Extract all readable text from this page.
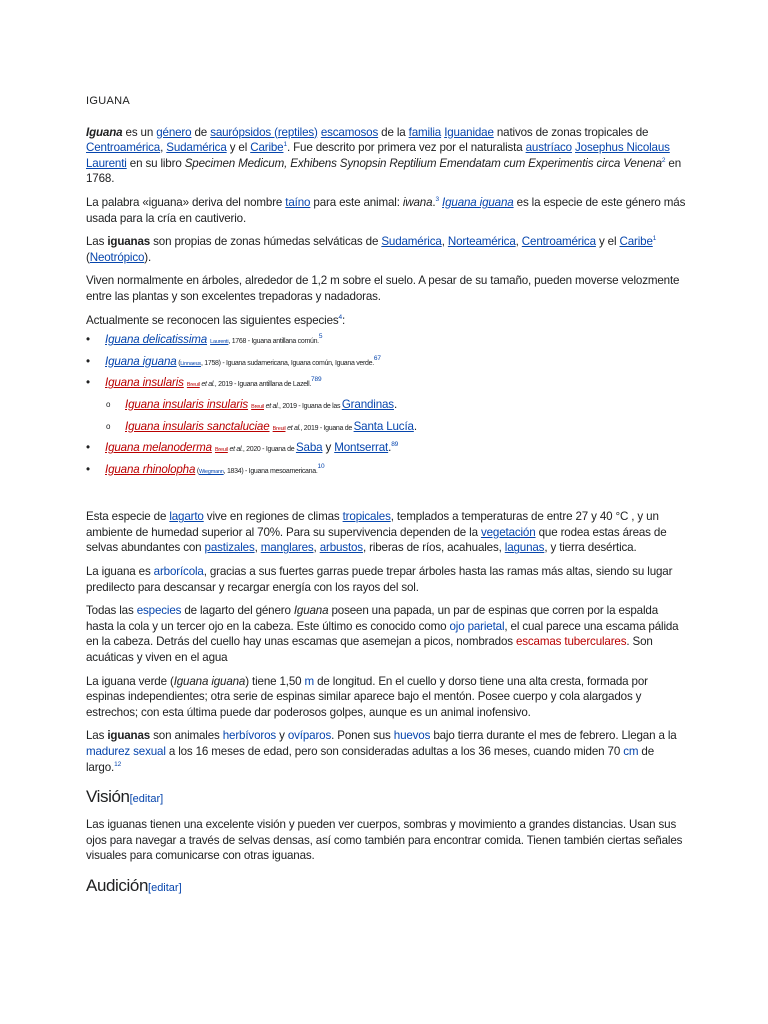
IGUANA

Iguana es un género de saurópsidos (reptiles) escamosos de la familia Iguanidae nativos de zonas tropicales de Centroamérica, Sudamérica y el Caribe$^1$. Fue descrito por primera vez por el naturalista austríaco Josephus Nicolaus Laurenti en su libro Specimen Medicum, Exhibens Synopsin Reptilium Emendatam cum Experimentis circa Venena$^2$ en 1768.

La palabra «iguana» deriva del nombre taíno para este animal: iwana.$^3$ Iguana iguana es la especie de este género más usada para la cría en cautiverio.

Las iguanas son propias de zonas húmedas selváticas de Sudamérica, Norteamérica, Centroamérica y el Caribe$^1$ (Neotrópico).

Viven normalmente en árboles, alrededor de 1,2 m sobre el suelo. A pesar de su tamaño, pueden moverse velozmente entre las plantas y son excelentes trepadoras y nadadoras.

Actualmente se reconocen las siguientes especies$^4$:

• Iguana delicatissima Laurenti, 1768 - Iguana antillana común.$^5$
• Iguana iguana (Linnaeus, 1758) - Iguana sudamericana, Iguana común, Iguana verde.$^{67}$
• Iguana insularis Breuil et al., 2019 - Iguana antillana de Lazell.$^{789}$
o Iguana insularis insularis Breuil et al., 2019 - Iguana de las Grandinas.
o Iguana insularis sanctaluciae Breuil et al., 2019 - Iguana de Santa Lucía.
• Iguana melanoderma Breuil et al., 2020 - Iguana de Saba y Montserrat.$^{89}$
• Iguana rhinolopha (Wiegmann, 1834) - Iguana mesoamericana.$^{10}$

Esta especie de lagarto vive en regiones de climas tropicales, templados a temperaturas de entre 27 y 40 °C , y un ambiente de humedad superior al 70%. Para su supervivencia dependen de la vegetación que rodea estas áreas de selvas abundantes con pastizales, manglares, arbustos, riberas de ríos, acahuales, lagunas, y tierra desértica.

La iguana es arborícola, gracias a sus fuertes garras puede trepar árboles hasta las ramas más altas, siendo su lugar predilecto para descansar y recargar energía con los rayos del sol.

Todas las especies de lagarto del género Iguana poseen una papada, un par de espinas que corren por la espalda hasta la cola y un tercer ojo en la cabeza. Este último es conocido como ojo parietal, el cual parece una escama pálida en la cabeza. Detrás del cuello hay unas escamas que asemejan a picos, nombrados escamas tuberculares. Son acuáticas y viven en el agua

La iguana verde (Iguana iguana) tiene 1,50 m de longitud. En el cuello y dorso tiene una alta cresta, formada por espinas independientes; otra serie de espinas similar aparece bajo el mentón. Posee cuerpo y cola alargados y estrechos; con esta última puede dar poderosos golpes, aunque es un animal inofensivo.

Las iguanas son animales herbívoros y ovíparos. Ponen sus huevos bajo tierra durante el mes de febrero. Llegan a la madurez sexual a los 16 meses de edad, pero son consideradas adultas a los 36 meses, cuando miden 70 cm de largo.$^{12}$

Visión[editar]

Las iguanas tienen una excelente visión y pueden ver cuerpos, sombras y movimiento a grandes distancias. Usan sus ojos para navegar a través de selvas densas, así como también para encontrar comida. Tienen también ciertas señales visuales para comunicarse con otras iguanas.

Audición[editar]
